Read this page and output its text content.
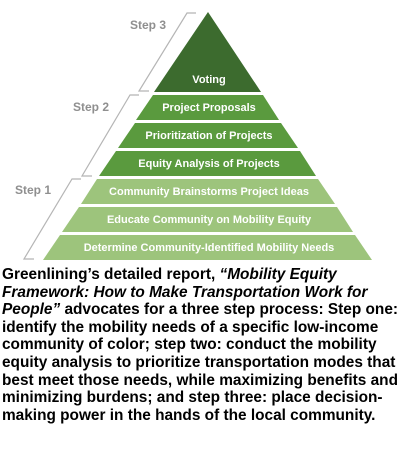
Voting
Project Proposals
Prioritization of Projects
Equity Analysis of Projects
Community Brainstorms Project Ideas
Educate Community on Mobility Equity
Determine Community-Identified Mobility Needs
Step 3
Step 2
Step 1

Greenlining’s detailed report, “Mobility Equity Framework: How to Make Transportation Work for People” advocates for a three step process: Step one: identify the mobility needs of a specific low-income community of color; step two: conduct the mobility equity analysis to prioritize transportation modes that best meet those needs, while maximizing benefits and minimizing burdens; and step three: place decision-making power in the hands of the local community.
